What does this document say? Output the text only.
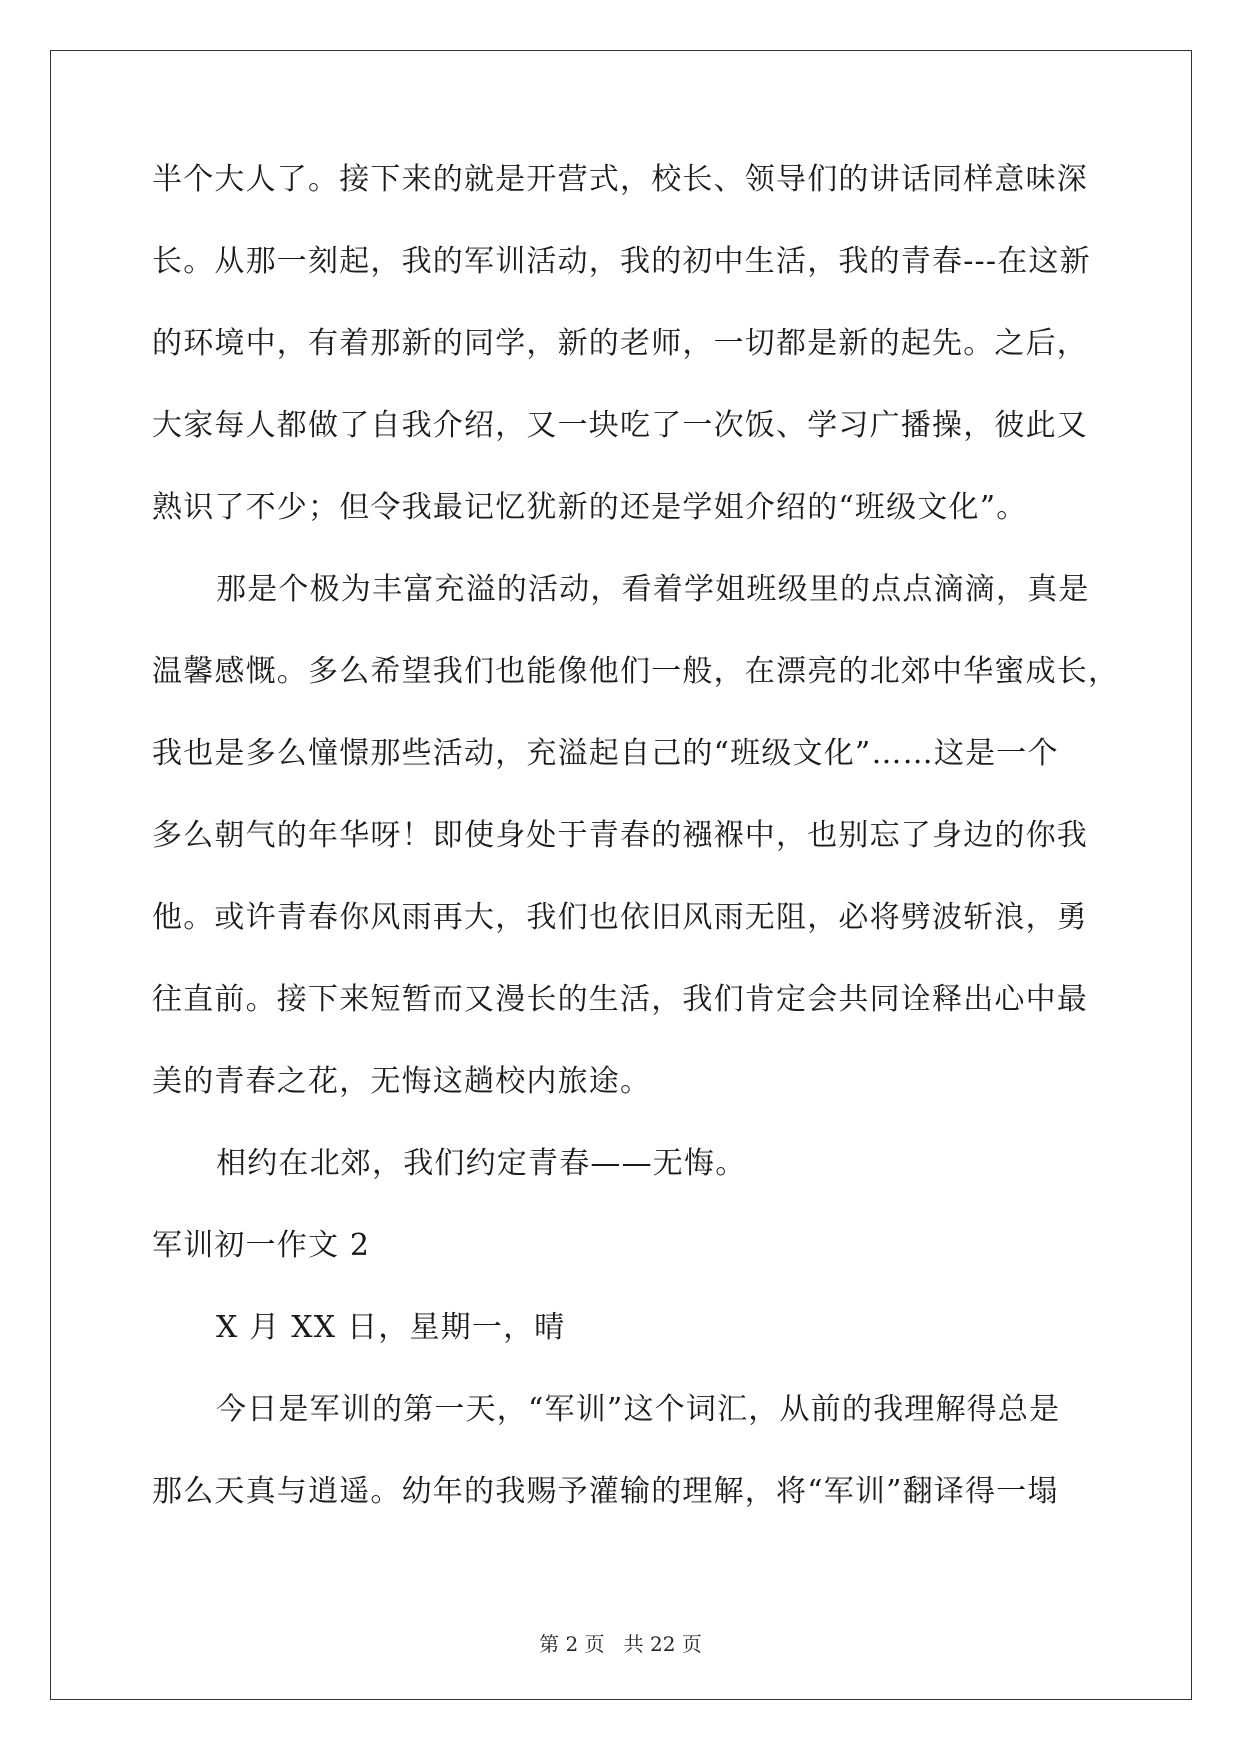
半个大人了。接下来的就是开营式，校长、领导们的讲话同样意味深
长。从那一刻起，我的军训活动，我的初中生活，我的青春---在这新
的环境中，有着那新的同学，新的老师，一切都是新的起先。之后，
大家每人都做了自我介绍，又一块吃了一次饭、学习广播操，彼此又
熟识了不少；但令我最记忆犹新的还是学姐介绍的“班级文化”。
那是个极为丰富充溢的活动，看着学姐班级里的点点滴滴，真是
温馨感慨。多么希望我们也能像他们一般，在漂亮的北郊中华蜜成长，
我也是多么憧憬那些活动，充溢起自己的“班级文化”……这是一个
多么朝气的年华呀！即使身处于青春的襁褓中，也别忘了身边的你我
他。或许青春你风雨再大，我们也依旧风雨无阻，必将劈波斩浪，勇
往直前。接下来短暂而又漫长的生活，我们肯定会共同诠释出心中最
美的青春之花，无悔这趟校内旅途。
相约在北郊，我们约定青春——无悔。
军训初一作文 2
X 月 XX 日，星期一，晴
今日是军训的第一天，“军训”这个词汇，从前的我理解得总是
那么天真与逍遥。幼年的我赐予灌输的理解，将“军训”翻译得一塌
第 2 页 共 22 页
